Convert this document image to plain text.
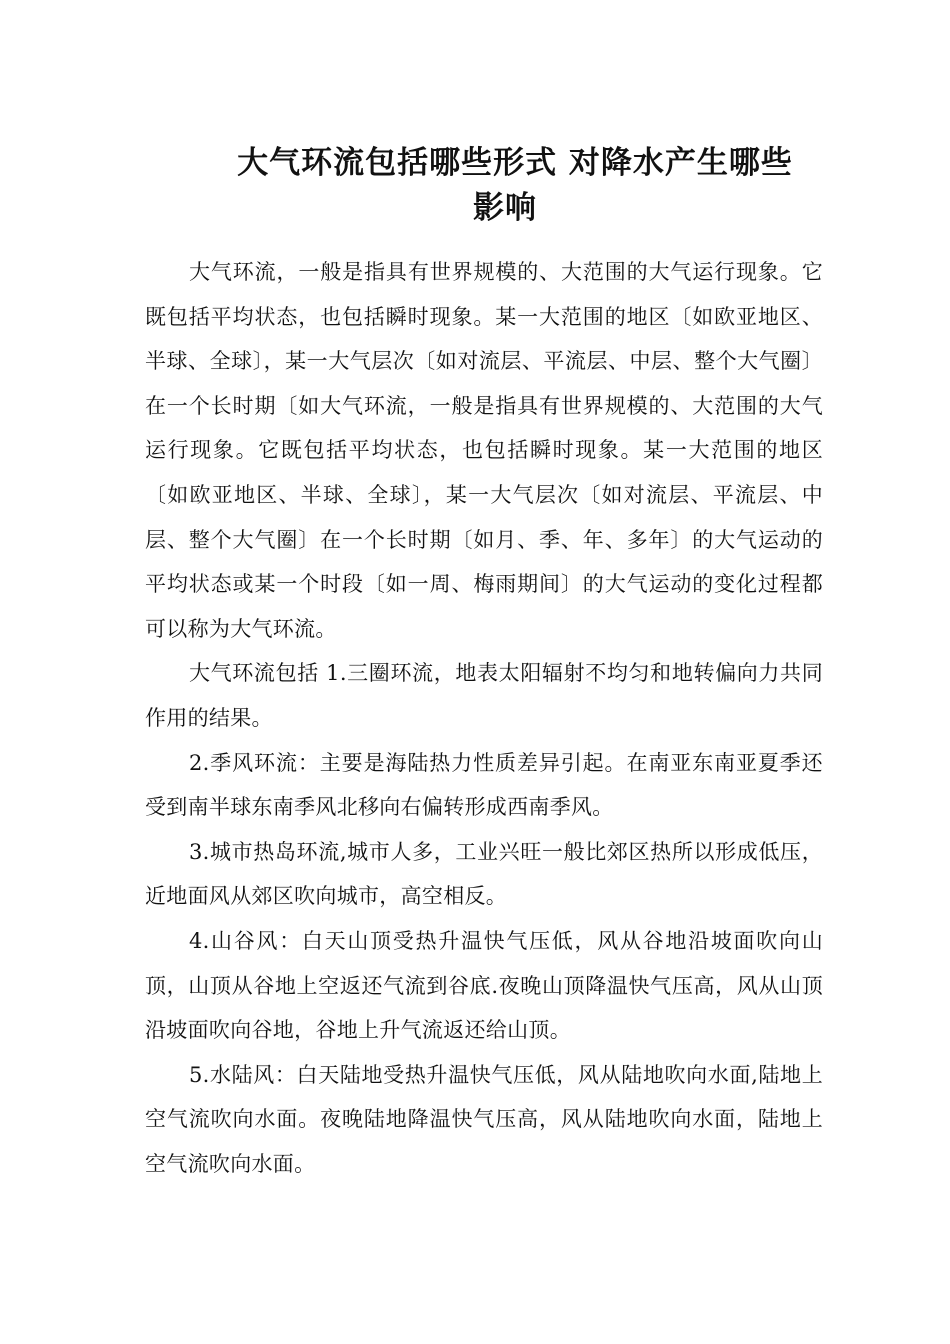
大气环流包括哪些形式 对降水产生哪些
影响

大气环流，一般是指具有世界规模的、大范围的大气运行现象。它既包括平均状态，也包括瞬时现象。某一大范围的地区〔如欧亚地区、半球、全球〕，某一大气层次〔如对流层、平流层、中层、整个大气圈〕在一个长时期〔如大气环流，一般是指具有世界规模的、大范围的大气运行现象。它既包括平均状态，也包括瞬时现象。某一大范围的地区〔如欧亚地区、半球、全球〕，某一大气层次〔如对流层、平流层、中层、整个大气圈〕在一个长时期〔如月、季、年、多年〕的大气运动的平均状态或某一个时段〔如一周、梅雨期间〕的大气运动的变化过程都可以称为大气环流。

大气环流包括 1.三圈环流，地表太阳辐射不均匀和地转偏向力共同作用的结果。

2.季风环流：主要是海陆热力性质差异引起。在南亚东南亚夏季还受到南半球东南季风北移向右偏转形成西南季风。

3.城市热岛环流,城市人多，工业兴旺一般比郊区热所以形成低压，近地面风从郊区吹向城市，高空相反。

4.山谷风：白天山顶受热升温快气压低，风从谷地沿坡面吹向山顶，山顶从谷地上空返还气流到谷底.夜晚山顶降温快气压高，风从山顶沿坡面吹向谷地，谷地上升气流返还给山顶。

5.水陆风：白天陆地受热升温快气压低，风从陆地吹向水面,陆地上空气流吹向水面。夜晚陆地降温快气压高，风从陆地吹向水面，陆地上空气流吹向水面。
